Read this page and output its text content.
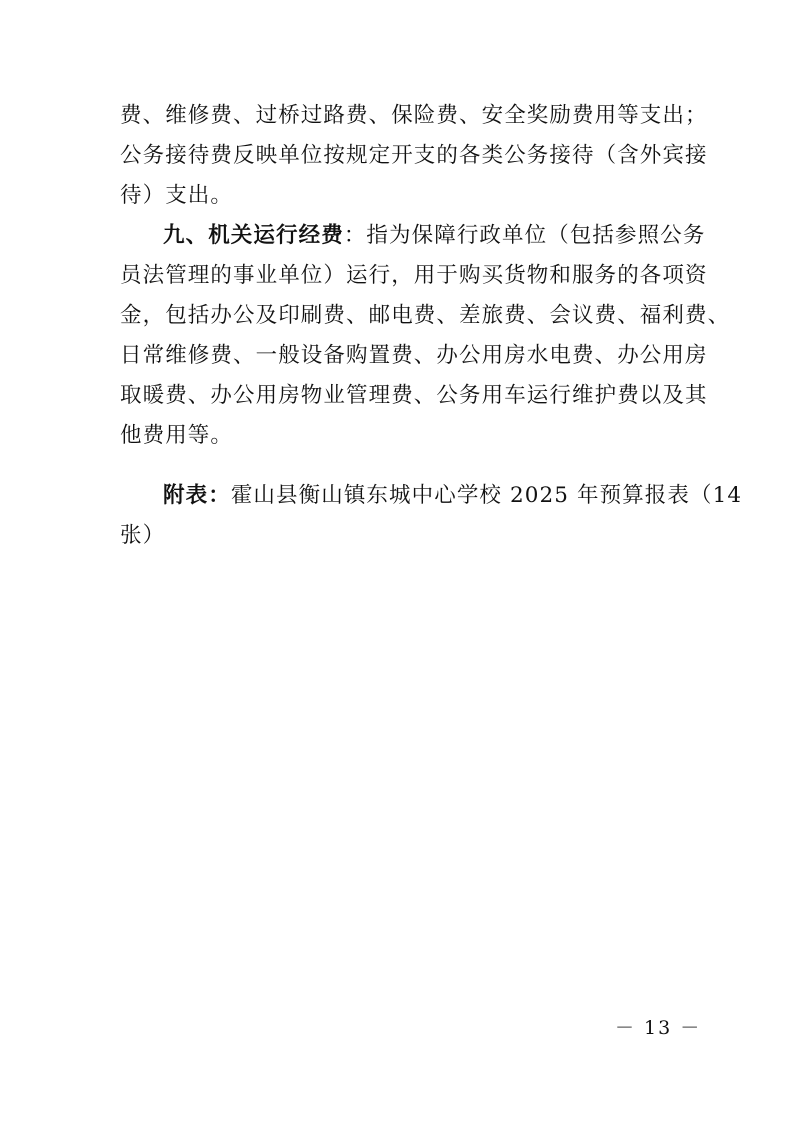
费、维修费、过桥过路费、保险费、安全奖励费用等支出；
公务接待费反映单位按规定开支的各类公务接待（含外宾接
待）支出。
九、机关运行经费：指为保障行政单位（包括参照公务
员法管理的事业单位）运行，用于购买货物和服务的各项资
金，包括办公及印刷费、邮电费、差旅费、会议费、福利费、
日常维修费、一般设备购置费、办公用房水电费、办公用房
取暖费、办公用房物业管理费、公务用车运行维护费以及其
他费用等。
附表：霍山县衡山镇东城中心学校 2025 年预算报表（14
张）
－ 13 －
